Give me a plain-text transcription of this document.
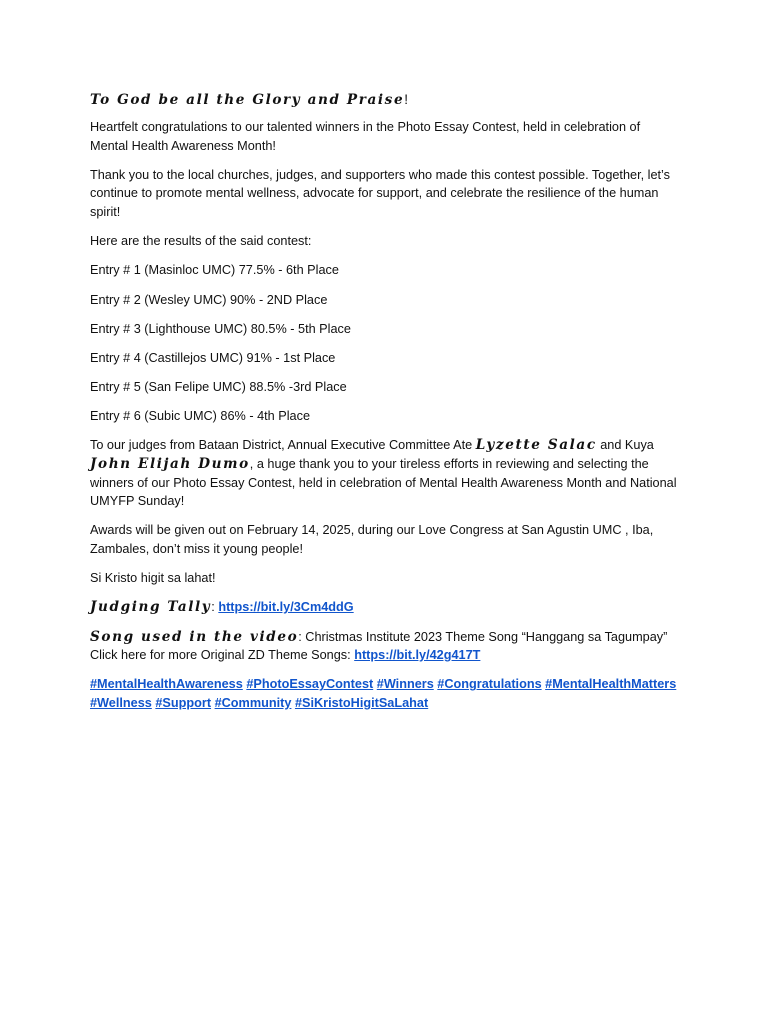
To God be all the Glory and Praise!

Heartfelt congratulations to our talented winners in the Photo Essay Contest, held in celebration of Mental Health Awareness Month!

Thank you to the local churches, judges, and supporters who made this contest possible. Together, let’s continue to promote mental wellness, advocate for support, and celebrate the resilience of the human spirit!

Here are the results of the said contest:

Entry # 1 (Masinloc UMC) 77.5% - 6th Place

Entry # 2 (Wesley UMC) 90% - 2ND Place

Entry # 3 (Lighthouse UMC) 80.5% - 5th Place

Entry # 4 (Castillejos UMC) 91% - 1st Place

Entry # 5 (San Felipe UMC) 88.5% -3rd Place

Entry # 6 (Subic UMC) 86% - 4th Place

To our judges from Bataan District, Annual Executive Committee Ate Lyzette Salac and Kuya John Elijah Dumo, a huge thank you to your tireless efforts in reviewing and selecting the winners of our Photo Essay Contest, held in celebration of Mental Health Awareness Month and National UMYFP Sunday!

Awards will be given out on February 14, 2025, during our Love Congress at San Agustin UMC , Iba, Zambales, don’t miss it young people!

Si Kristo higit sa lahat!

Judging Tally: https://bit.ly/3Cm4ddG

Song used in the video: Christmas Institute 2023 Theme Song “Hanggang sa Tagumpay” Click here for more Original ZD Theme Songs: https://bit.ly/42g417T

#MentalHealthAwareness #PhotoEssayContest #Winners #Congratulations #MentalHealthMatters #Wellness #Support #Community #SiKristoHigitSaLahat
